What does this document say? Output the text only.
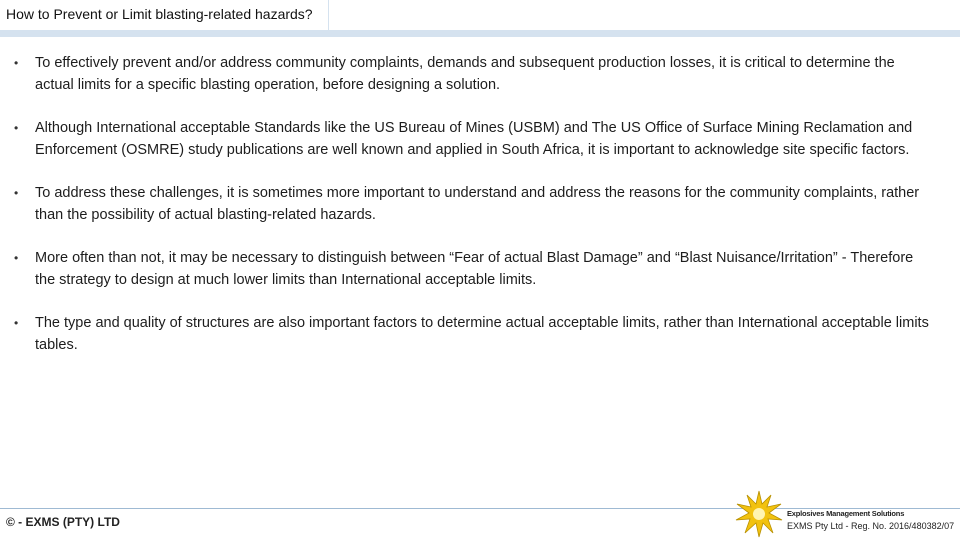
How to Prevent or Limit blasting-related hazards?
• To effectively prevent and/or address community complaints, demands and subsequent production losses, it is critical to determine the actual limits for a specific blasting operation, before designing a solution.
• Although International acceptable Standards like the US Bureau of Mines (USBM) and The US Office of Surface Mining Reclamation and Enforcement (OSMRE) study publications are well known and applied in South Africa, it is important to acknowledge site specific factors.
• To address these challenges, it is sometimes more important to understand and address the reasons for the community complaints, rather than the possibility of actual blasting-related hazards.
• More often than not, it may be necessary to distinguish between “Fear of actual Blast Damage” and “Blast Nuisance/Irritation” - Therefore the strategy to design at much lower limits than International acceptable limits.
• The type and quality of structures are also important factors to determine actual acceptable limits, rather than International acceptable limits tables.
© - EXMS (PTY) LTD
Explosives Management Solutions
EXMS Pty Ltd - Reg. No. 2016/480382/07
